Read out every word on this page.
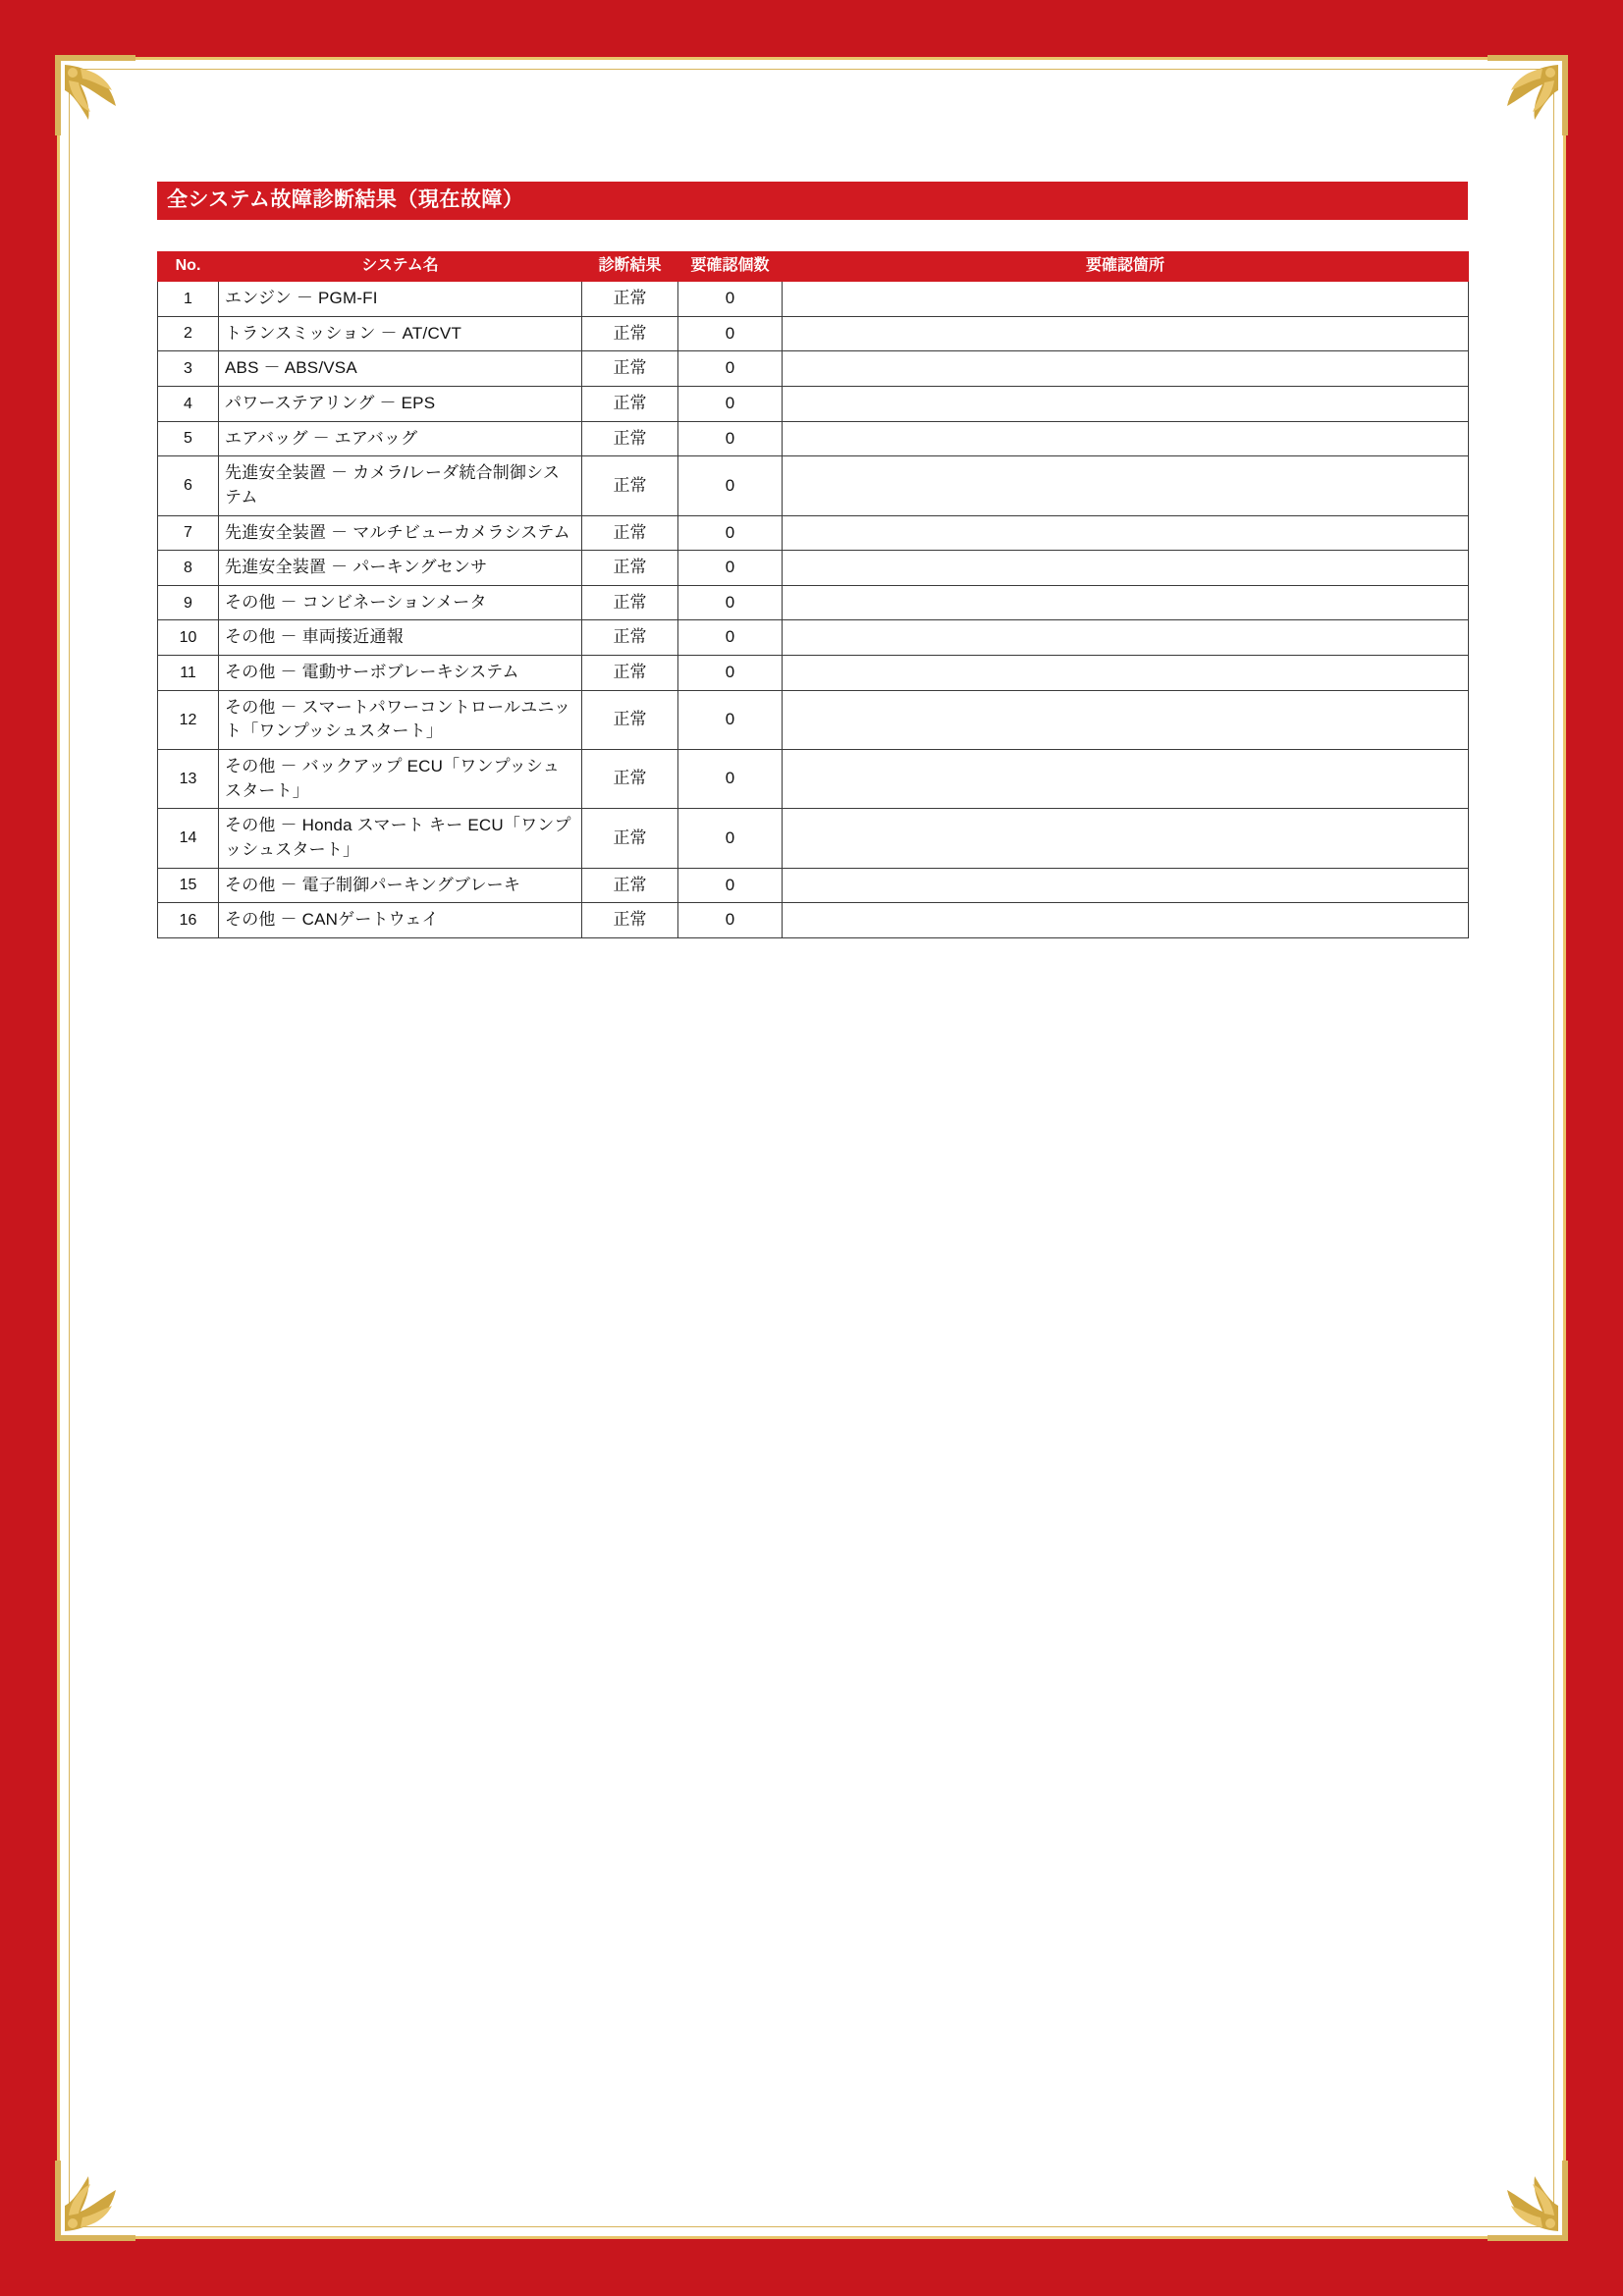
全システム故障診断結果（現在故障）
No.	システム名	診断結果	要確認個数	要確認箇所
1	エンジン － PGM-FI	正常	0	
2	トランスミッション － AT/CVT	正常	0	
3	ABS － ABS/VSA	正常	0	
4	パワーステアリング － EPS	正常	0	
5	エアバッグ － エアバッグ	正常	0	
6	先進安全装置 － カメラ/レーダ統合制御システム	正常	0	
7	先進安全装置 － マルチビューカメラシステム	正常	0	
8	先進安全装置 － パーキングセンサ	正常	0	
9	その他 － コンビネーションメータ	正常	0	
10	その他 － 車両接近通報	正常	0	
11	その他 － 電動サーボブレーキシステム	正常	0	
12	その他 － スマートパワーコントロールユニット「ワンプッシュスタート」	正常	0	
13	その他 － バックアップ ECU「ワンプッシュスタート」	正常	0	
14	その他 － Honda スマート キー ECU「ワンプッシュスタート」	正常	0	
15	その他 － 電子制御パーキングブレーキ	正常	0	
16	その他 － CANゲートウェイ	正常	0	
